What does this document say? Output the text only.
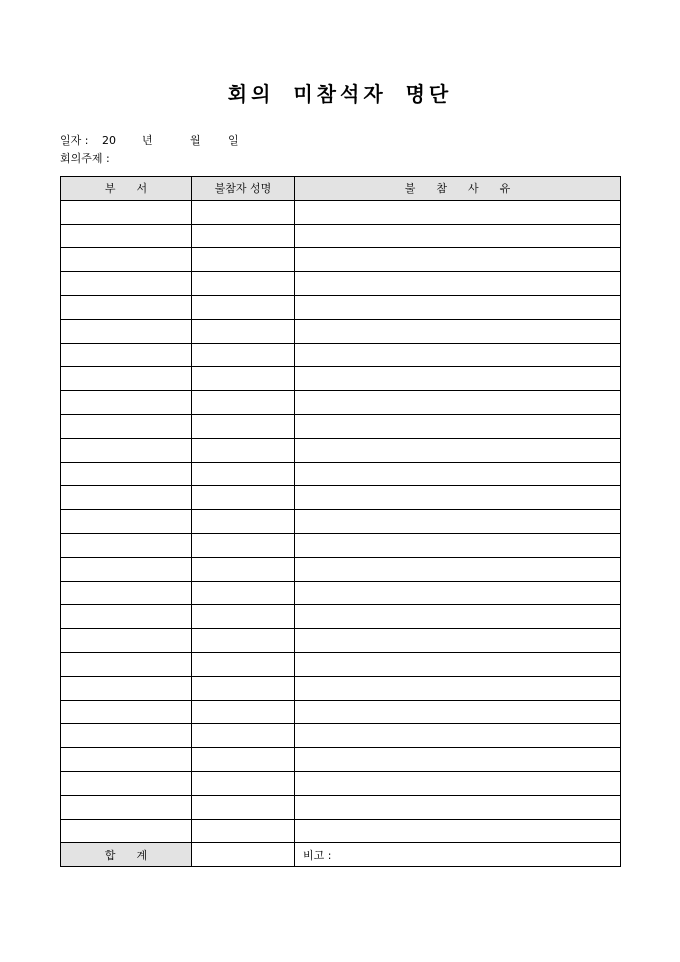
회의 미참석자 명단
일자 : 20 년	월 일
회의주제 :
부      서	불참자 성명	불      참      사      유

합      계		비고 :
